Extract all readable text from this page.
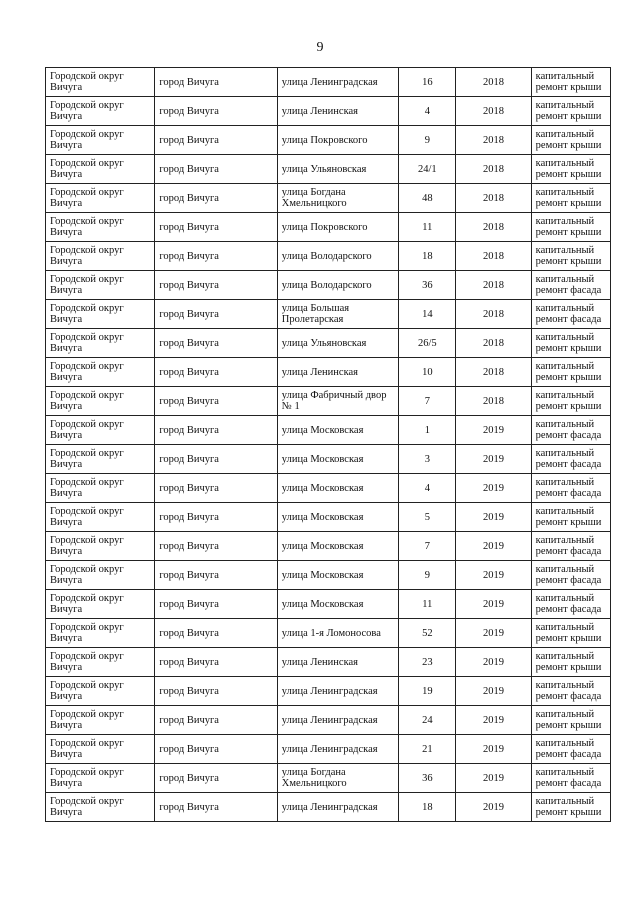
9
Городской округ Вичуга	город Вичуга	улица Ленинградская	16	2018	капитальный ремонт крыши
Городской округ Вичуга	город Вичуга	улица Ленинская	4	2018	капитальный ремонт крыши
Городской округ Вичуга	город Вичуга	улица Покровского	9	2018	капитальный ремонт крыши
Городской округ Вичуга	город Вичуга	улица Ульяновская	24/1	2018	капитальный ремонт крыши
Городской округ Вичуга	город Вичуга	улица Богдана Хмельницкого	48	2018	капитальный ремонт крыши
Городской округ Вичуга	город Вичуга	улица Покровского	11	2018	капитальный ремонт крыши
Городской округ Вичуга	город Вичуга	улица Володарского	18	2018	капитальный ремонт крыши
Городской округ Вичуга	город Вичуга	улица Володарского	36	2018	капитальный ремонт фасада
Городской округ Вичуга	город Вичуга	улица Большая Пролетарская	14	2018	капитальный ремонт фасада
Городской округ Вичуга	город Вичуга	улица Ульяновская	26/5	2018	капитальный ремонт крыши
Городской округ Вичуга	город Вичуга	улица Ленинская	10	2018	капитальный ремонт крыши
Городской округ Вичуга	город Вичуга	улица Фабричный двор № 1	7	2018	капитальный ремонт крыши
Городской округ Вичуга	город Вичуга	улица Московская	1	2019	капитальный ремонт фасада
Городской округ Вичуга	город Вичуга	улица Московская	3	2019	капитальный ремонт фасада
Городской округ Вичуга	город Вичуга	улица Московская	4	2019	капитальный ремонт фасада
Городской округ Вичуга	город Вичуга	улица Московская	5	2019	капитальный ремонт крыши
Городской округ Вичуга	город Вичуга	улица Московская	7	2019	капитальный ремонт фасада
Городской округ Вичуга	город Вичуга	улица Московская	9	2019	капитальный ремонт фасада
Городской округ Вичуга	город Вичуга	улица Московская	11	2019	капитальный ремонт фасада
Городской округ Вичуга	город Вичуга	улица 1-я Ломоносова	52	2019	капитальный ремонт крыши
Городской округ Вичуга	город Вичуга	улица Ленинская	23	2019	капитальный ремонт крыши
Городской округ Вичуга	город Вичуга	улица Ленинградская	19	2019	капитальный ремонт фасада
Городской округ Вичуга	город Вичуга	улица Ленинградская	24	2019	капитальный ремонт крыши
Городской округ Вичуга	город Вичуга	улица Ленинградская	21	2019	капитальный ремонт фасада
Городской округ Вичуга	город Вичуга	улица Богдана Хмельницкого	36	2019	капитальный ремонт фасада
Городской округ Вичуга	город Вичуга	улица Ленинградская	18	2019	капитальный ремонт крыши
